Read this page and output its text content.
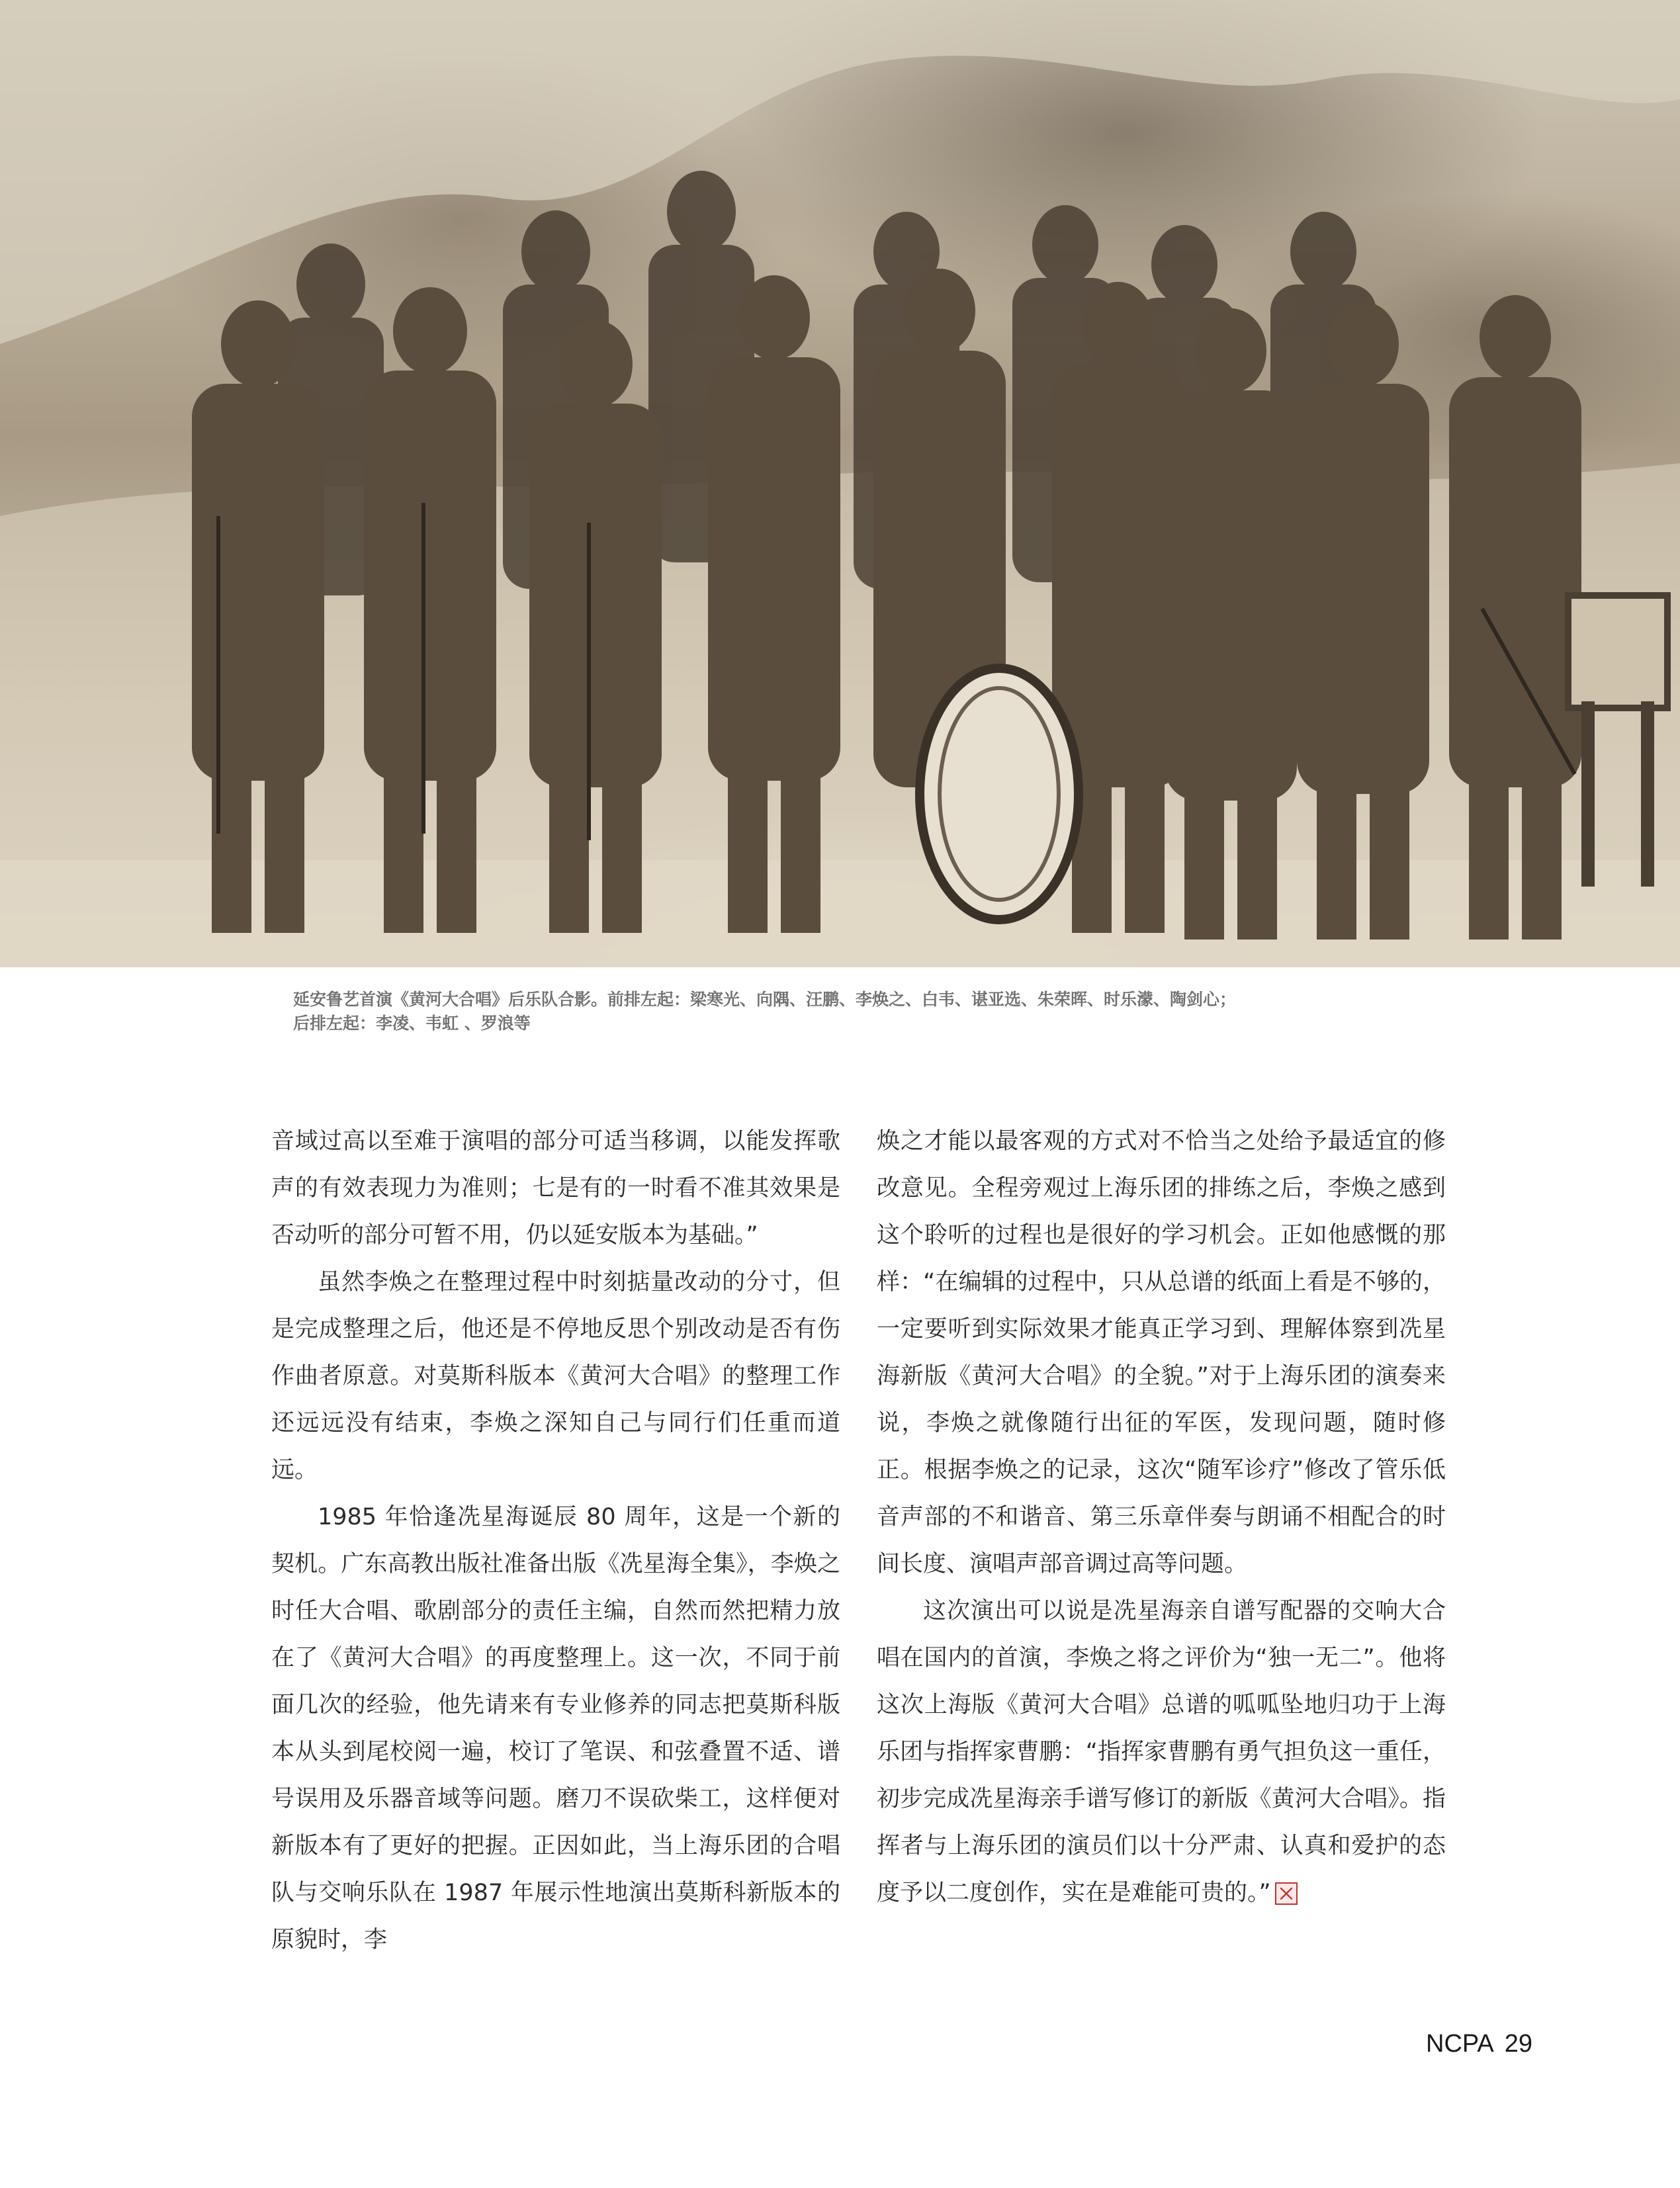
延安鲁艺首演《黄河大合唱》后乐队合影。前排左起：梁寒光、向隅、汪鹏、李焕之、白韦、谌亚选、朱荣晖、时乐濛、陶剑心；
后排左起：李凌、韦虹 、罗浪等

音域过高以至难于演唱的部分可适当移调，以能发挥歌声的有效表现力为准则；七是有的一时看不准其效果是否动听的部分可暂不用，仍以延安版本为基础。”

虽然李焕之在整理过程中时刻掂量改动的分寸，但是完成整理之后，他还是不停地反思个别改动是否有伤作曲者原意。对莫斯科版本《黄河大合唱》的整理工作还远远没有结束，李焕之深知自己与同行们任重而道远。

1985 年恰逢冼星海诞辰 80 周年，这是一个新的契机。广东高教出版社准备出版《冼星海全集》，李焕之时任大合唱、歌剧部分的责任主编，自然而然把精力放在了《黄河大合唱》的再度整理上。这一次，不同于前面几次的经验，他先请来有专业修养的同志把莫斯科版本从头到尾校阅一遍，校订了笔误、和弦叠置不适、谱号误用及乐器音域等问题。磨刀不误砍柴工，这样便对新版本有了更好的把握。正因如此，当上海乐团的合唱队与交响乐队在 1987 年展示性地演出莫斯科新版本的原貌时，李

焕之才能以最客观的方式对不恰当之处给予最适宜的修改意见。全程旁观过上海乐团的排练之后，李焕之感到这个聆听的过程也是很好的学习机会。正如他感慨的那样：“在编辑的过程中，只从总谱的纸面上看是不够的，一定要听到实际效果才能真正学习到、理解体察到冼星海新版《黄河大合唱》的全貌。”对于上海乐团的演奏来说，李焕之就像随行出征的军医，发现问题，随时修正。根据李焕之的记录，这次“随军诊疗”修改了管乐低音声部的不和谐音、第三乐章伴奏与朗诵不相配合的时间长度、演唱声部音调过高等问题。

这次演出可以说是冼星海亲自谱写配器的交响大合唱在国内的首演，李焕之将之评价为“独一无二”。他将这次上海版《黄河大合唱》总谱的呱呱坠地归功于上海乐团与指挥家曹鹏：“指挥家曹鹏有勇气担负这一重任，初步完成冼星海亲手谱写修订的新版《黄河大合唱》。指挥者与上海乐团的演员们以十分严肃、认真和爱护的态度予以二度创作，实在是难能可贵的。”

NCPA 29
